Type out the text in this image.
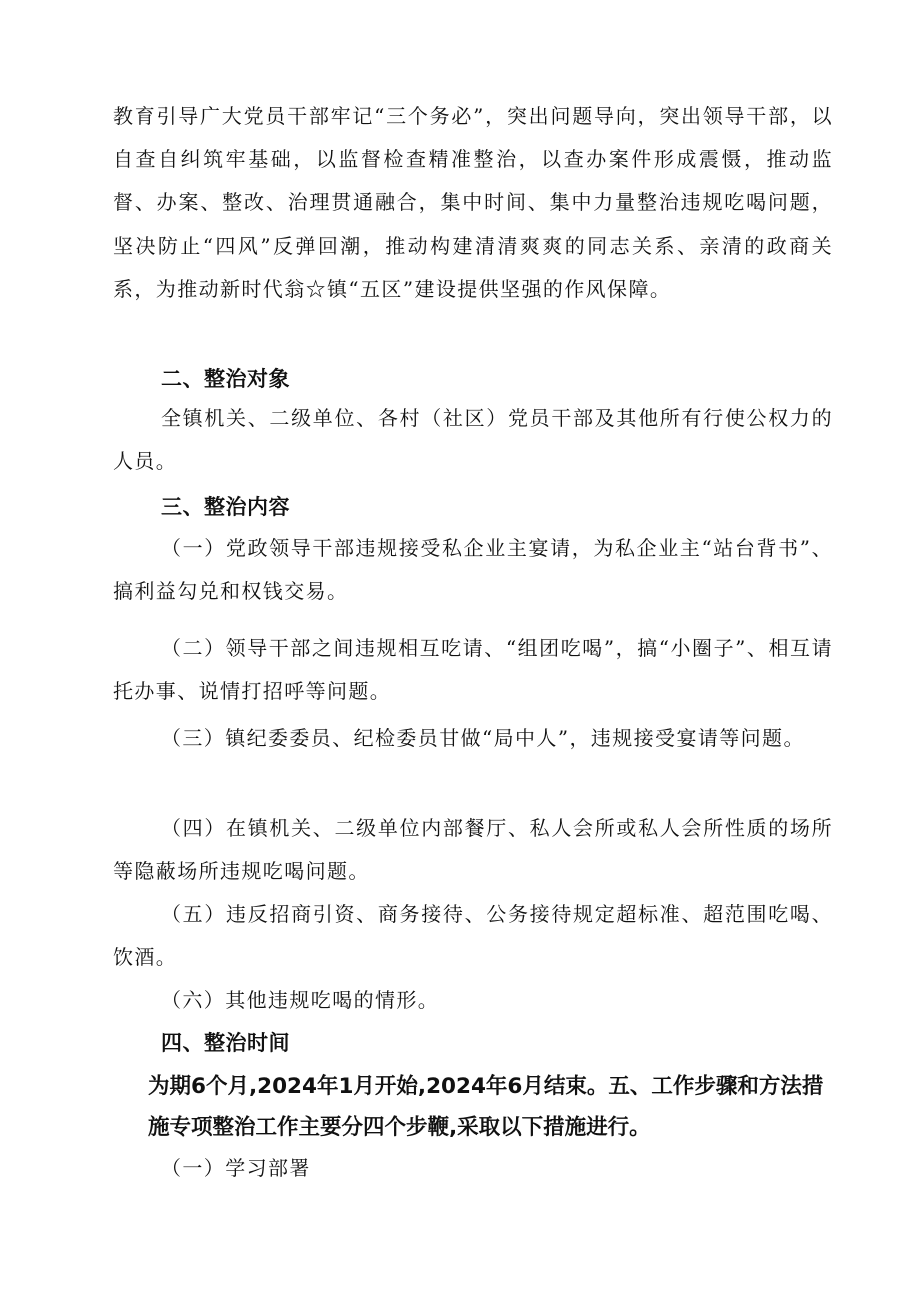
教育引导广大党员干部牢记“三个务必”，突出问题导向，突出领导干部，以自查自纠筑牢基础，以监督检查精准整治，以查办案件形成震慑，推动监督、办案、整改、治理贯通融合，集中时间、集中力量整治违规吃喝问题，坚决防止“四风”反弹回潮，推动构建清清爽爽的同志关系、亲清的政商关系，为推动新时代翁☆镇“五区”建设提供坚强的作风保障。

二、整治对象

全镇机关、二级单位、各村（社区）党员干部及其他所有行使公权力的人员。

三、整治内容

（一）党政领导干部违规接受私企业主宴请，为私企业主“站台背书”、搞利益勾兑和权钱交易。

（二）领导干部之间违规相互吃请、“组团吃喝”，搞“小圈子”、相互请托办事、说情打招呼等问题。

（三）镇纪委委员、纪检委员甘做“局中人”，违规接受宴请等问题。

（四）在镇机关、二级单位内部餐厅、私人会所或私人会所性质的场所等隐蔽场所违规吃喝问题。

（五）违反招商引资、商务接待、公务接待规定超标准、超范围吃喝、饮酒。

（六）其他违规吃喝的情形。

四、整治时间

为期6个月,2024年1月开始,2024年6月结束。五、工作步骤和方法措施专项整治工作主要分四个步鞭,采取以下措施进行。

（一）学习部署
